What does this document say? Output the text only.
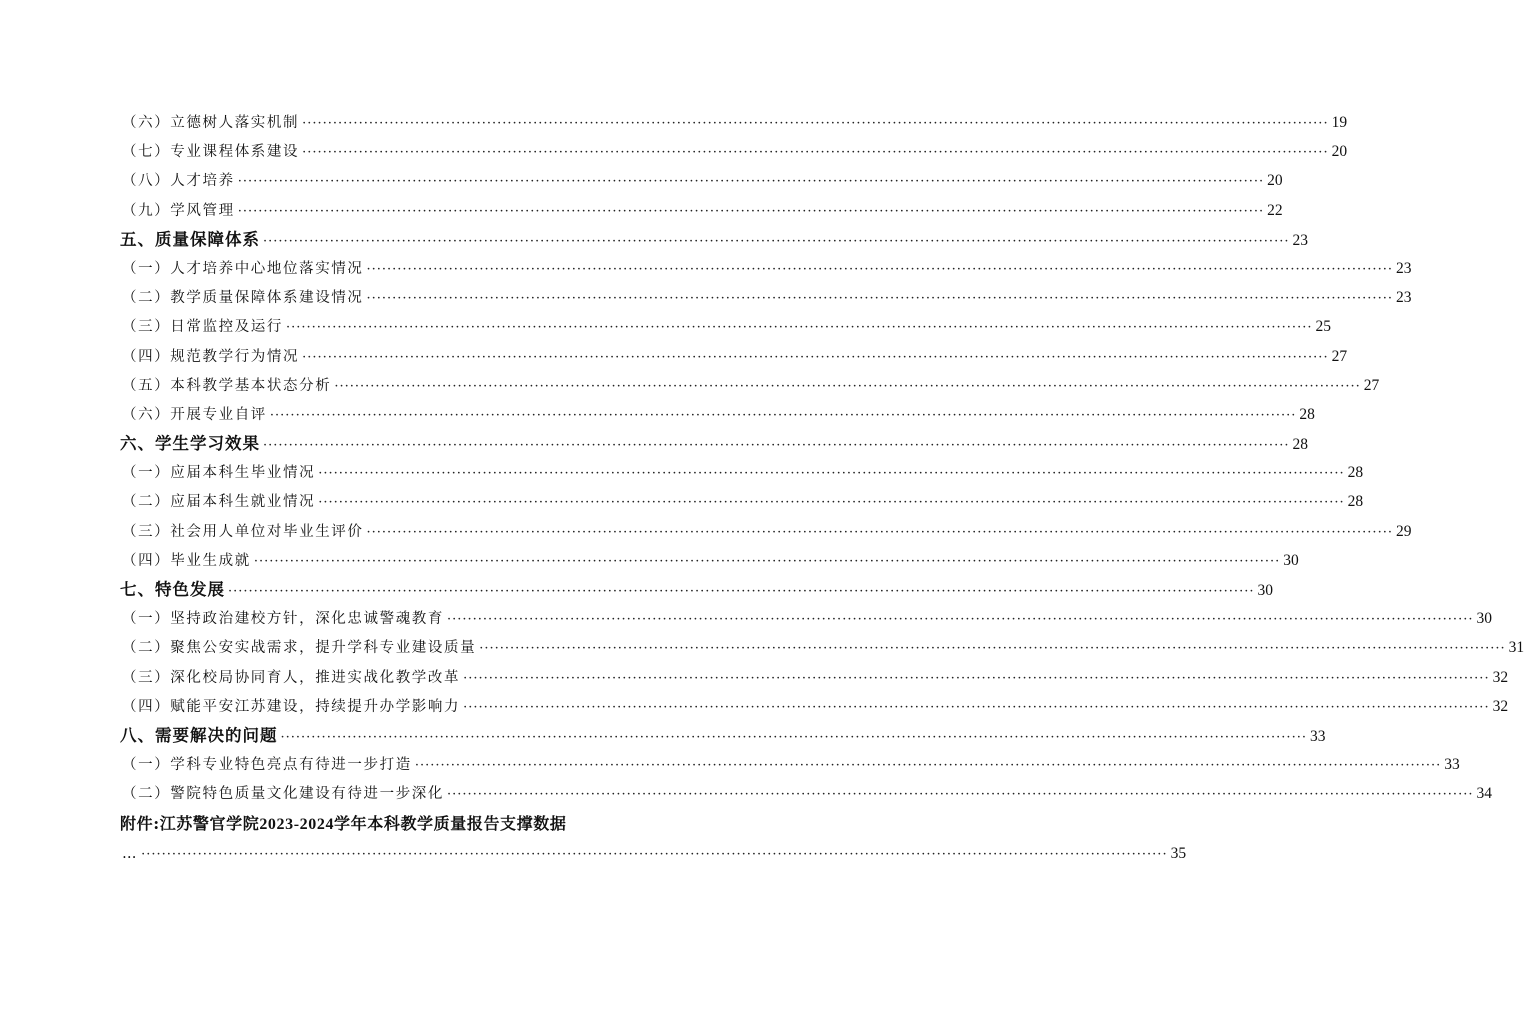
（六）立德树人落实机制 ········································································································································································································ 19
（七）专业课程体系建设 ········································································································································································································ 20
（八）人才培养 ········································································································································································································ 20
（九）学风管理 ········································································································································································································ 22
五、质量保障体系 ········································································································································································································ 23
（一）人才培养中心地位落实情况 ········································································································································································································ 23
（二）教学质量保障体系建设情况 ········································································································································································································ 23
（三）日常监控及运行 ········································································································································································································ 25
（四）规范教学行为情况 ········································································································································································································ 27
（五）本科教学基本状态分析 ········································································································································································································ 27
（六）开展专业自评 ········································································································································································································ 28
六、学生学习效果 ········································································································································································································ 28
（一）应届本科生毕业情况 ········································································································································································································ 28
（二）应届本科生就业情况 ········································································································································································································ 28
（三）社会用人单位对毕业生评价 ········································································································································································································ 29
（四）毕业生成就 ········································································································································································································ 30
七、特色发展 ········································································································································································································ 30
（一）坚持政治建校方针，深化忠诚警魂教育 ········································································································································································································ 30
（二）聚焦公安实战需求，提升学科专业建设质量 ········································································································································································································ 31
（三）深化校局协同育人，推进实战化教学改革 ········································································································································································································ 32
（四）赋能平安江苏建设，持续提升办学影响力 ········································································································································································································ 32
八、需要解决的问题 ········································································································································································································ 33
（一）学科专业特色亮点有待进一步打造 ········································································································································································································ 33
（二）警院特色质量文化建设有待进一步深化 ········································································································································································································ 34
附件:江苏警官学院2023-2024学年本科教学质量报告支撑数据
… ········································································································································································································ 35
